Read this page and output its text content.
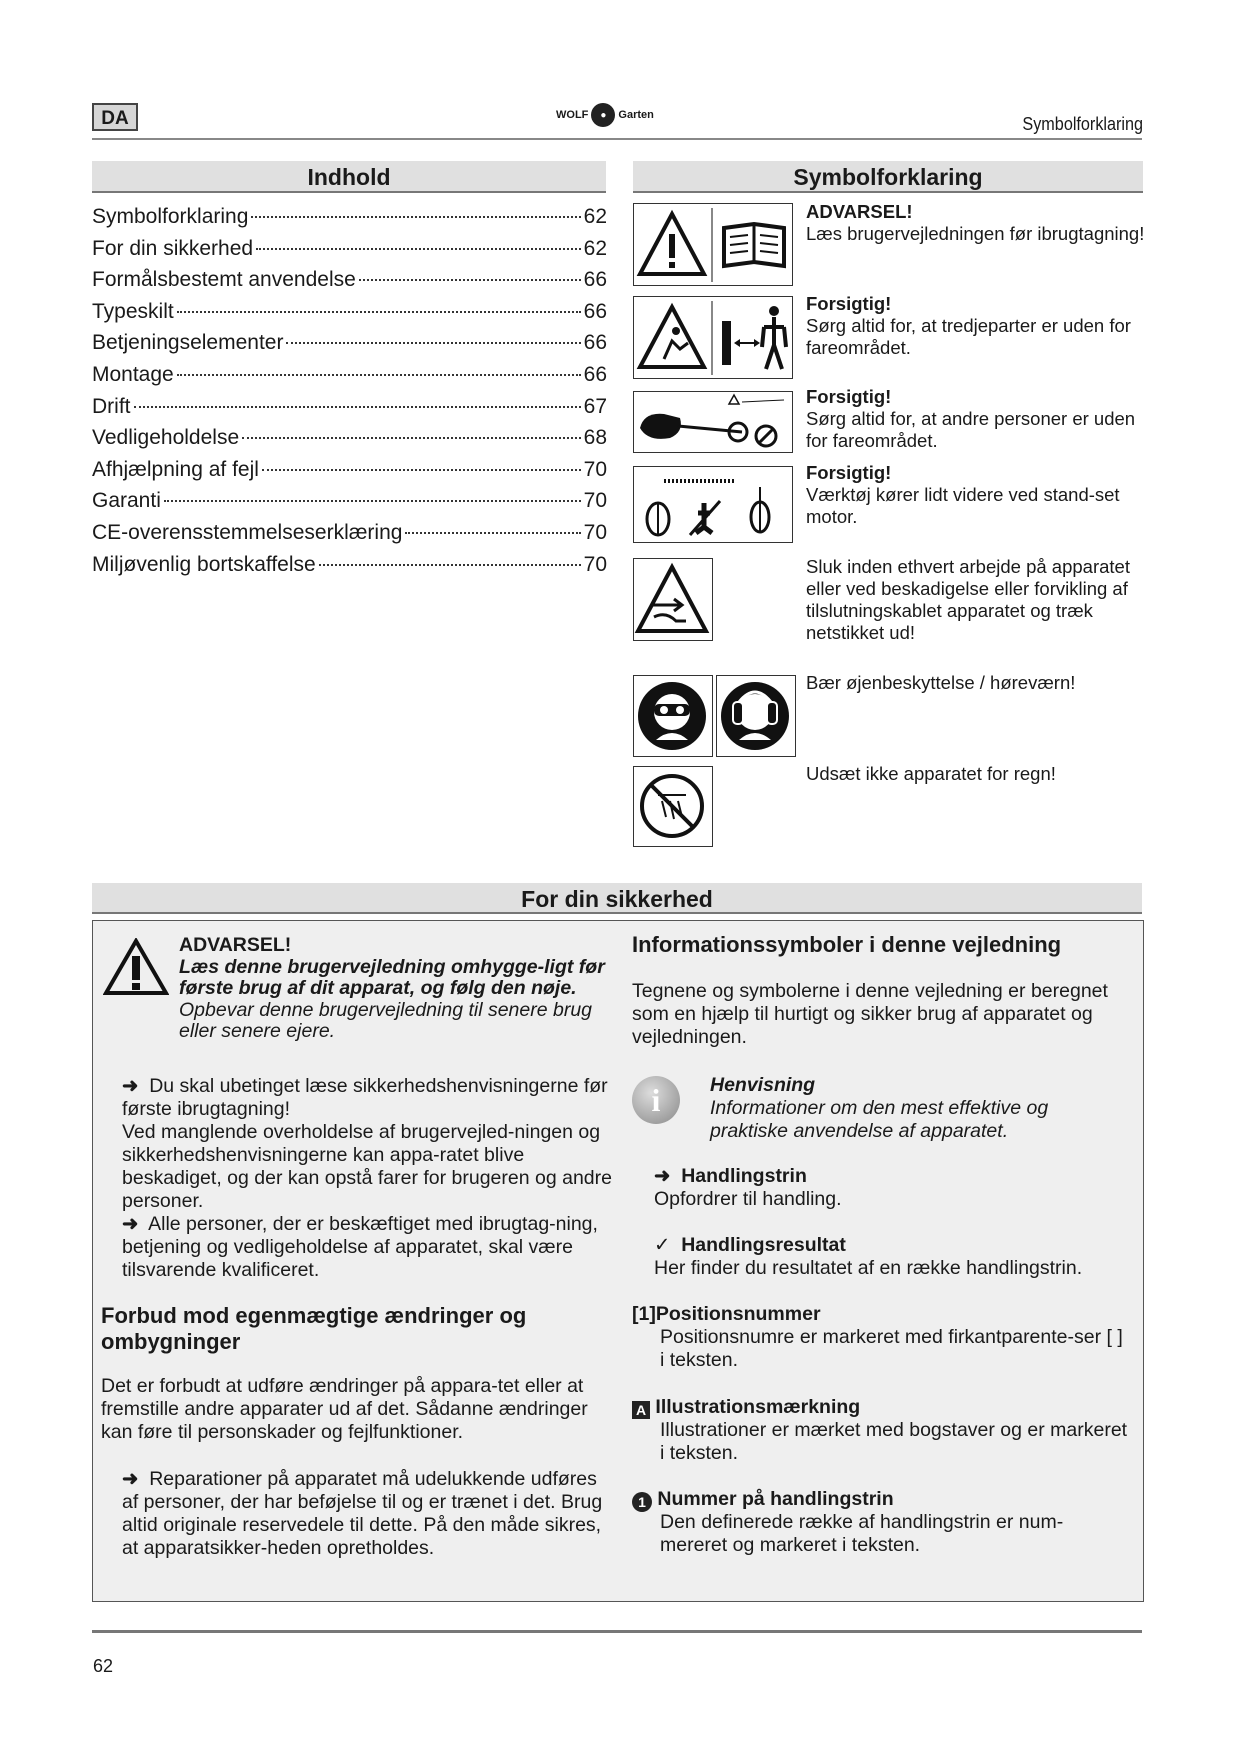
DA	WOLF	●	Garten	Symbolforklaring
Indhold
Symbolforklaring	62
For din sikkerhed	62
Formålsbestemt anvendelse	66
Typeskilt	66
Betjeningselementer	66
Montage	66
Drift	67
Vedligeholdelse	68
Afhjælpning af fejl	70
Garanti	70
CE-overensstemmelseserklæring	70
Miljøvenlig bortskaffelse	70
Symbolforklaring
ADVARSEL!
Læs brugervejledningen før ibrugtagning!
Forsigtig!
Sørg altid for, at tredjeparter er uden for fareområdet.
Forsigtig!
Sørg altid for, at andre personer er uden for fareområdet.
Forsigtig!
Værktøj kører lidt videre ved stand-set motor.
Sluk inden ethvert arbejde på apparatet eller ved beskadigelse eller forvikling af tilslutningskablet apparatet og træk netstikket ud!
Bær øjenbeskyttelse / høreværn!
Udsæt ikke apparatet for regn!
For din sikkerhed
ADVARSEL!
Læs denne brugervejledning omhygge-ligt før første brug af dit apparat, og følg den nøje. Opbevar denne brugervejledning til senere brug eller senere ejere.
➜ Du skal ubetinget læse sikkerhedshenvisningerne før første ibrugtagning!
Ved manglende overholdelse af brugervejled-ningen og sikkerhedshenvisningerne kan appa-ratet blive beskadiget, og der kan opstå farer for brugeren og andre personer.
➜ Alle personer, der er beskæftiget med ibrugtag-ning, betjening og vedligeholdelse af apparatet, skal være tilsvarende kvalificeret.
Forbud mod egenmægtige ændringer og ombygninger
Det er forbudt at udføre ændringer på appara-tet eller at fremstille andre apparater ud af det. Sådanne ændringer kan føre til personskader og fejlfunktioner.
➜ Reparationer på apparatet må udelukkende udføres af personer, der har beføjelse til og er trænet i det. Brug altid originale reservedele til dette. På den måde sikres, at apparatsikker-heden opretholdes.
Informationssymboler i denne vejledning
Tegnene og symbolerne i denne vejledning er beregnet som en hjælp til hurtigt og sikker brug af apparatet og vejledningen.
i	Henvisning
Informationer om den mest effektive og praktiske anvendelse af apparatet.
➜ Handlingstrin
Opfordrer til handling.
✓ Handlingsresultat
Her finder du resultatet af en række handlingstrin.
[1]Positionsnummer
Positionsnumre er markeret med firkantparente-ser [ ] i teksten.
A Illustrationsmærkning
Illustrationer er mærket med bogstaver og er markeret i teksten.
1 Nummer på handlingstrin
Den definerede række af handlingstrin er num-mereret og markeret i teksten.
62
